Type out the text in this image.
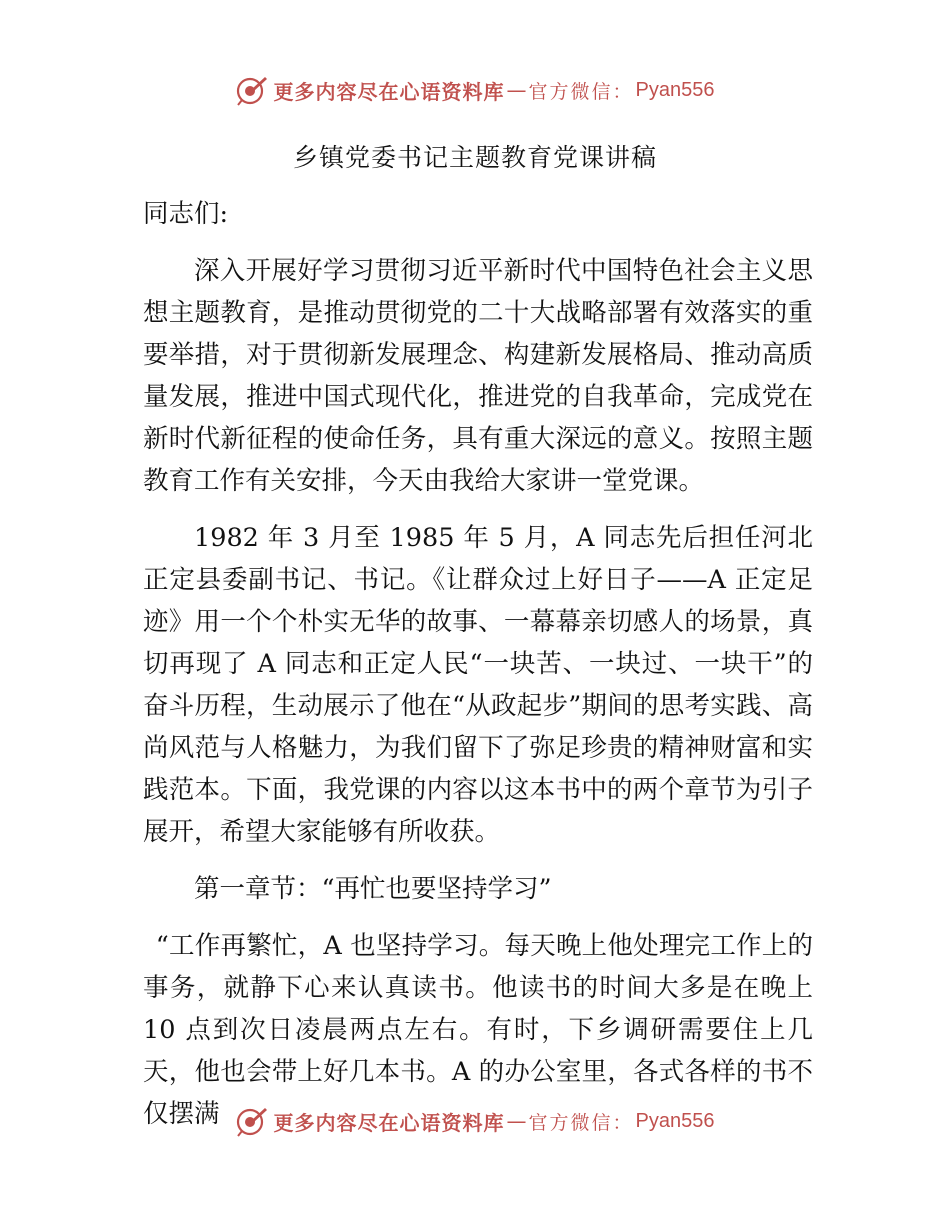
更多内容尽在心语资料库 — 官方微信： Pyan556
乡镇党委书记主题教育党课讲稿

同志们:

深入开展好学习贯彻习近平新时代中国特色社会主义思想主题教育，是推动贯彻党的二十大战略部署有效落实的重要举措，对于贯彻新发展理念、构建新发展格局、推动高质量发展，推进中国式现代化，推进党的自我革命，完成党在新时代新征程的使命任务，具有重大深远的意义。按照主题教育工作有关安排，今天由我给大家讲一堂党课。

1982 年 3 月至 1985 年 5 月，A 同志先后担任河北正定县委副书记、书记。《让群众过上好日子——A 正定足迹》用一个个朴实无华的故事、一幕幕亲切感人的场景，真切再现了 A 同志和正定人民“一块苦、一块过、一块干”的奋斗历程，生动展示了他在“从政起步”期间的思考实践、高尚风范与人格魅力，为我们留下了弥足珍贵的精神财富和实践范本。下面，我党课的内容以这本书中的两个章节为引子展开，希望大家能够有所收获。

第一章节：“再忙也要坚持学习”

“工作再繁忙，A 也坚持学习。每天晚上他处理完工作上的事务，就静下心来认真读书。他读书的时间大多是在晚上 10 点到次日凌晨两点左右。有时，下乡调研需要住上几天，他也会带上好几本书。A 的办公室里，各式各样的书不仅摆满	更多内容尽在心语资料库 — 官方微信： Pyan556
